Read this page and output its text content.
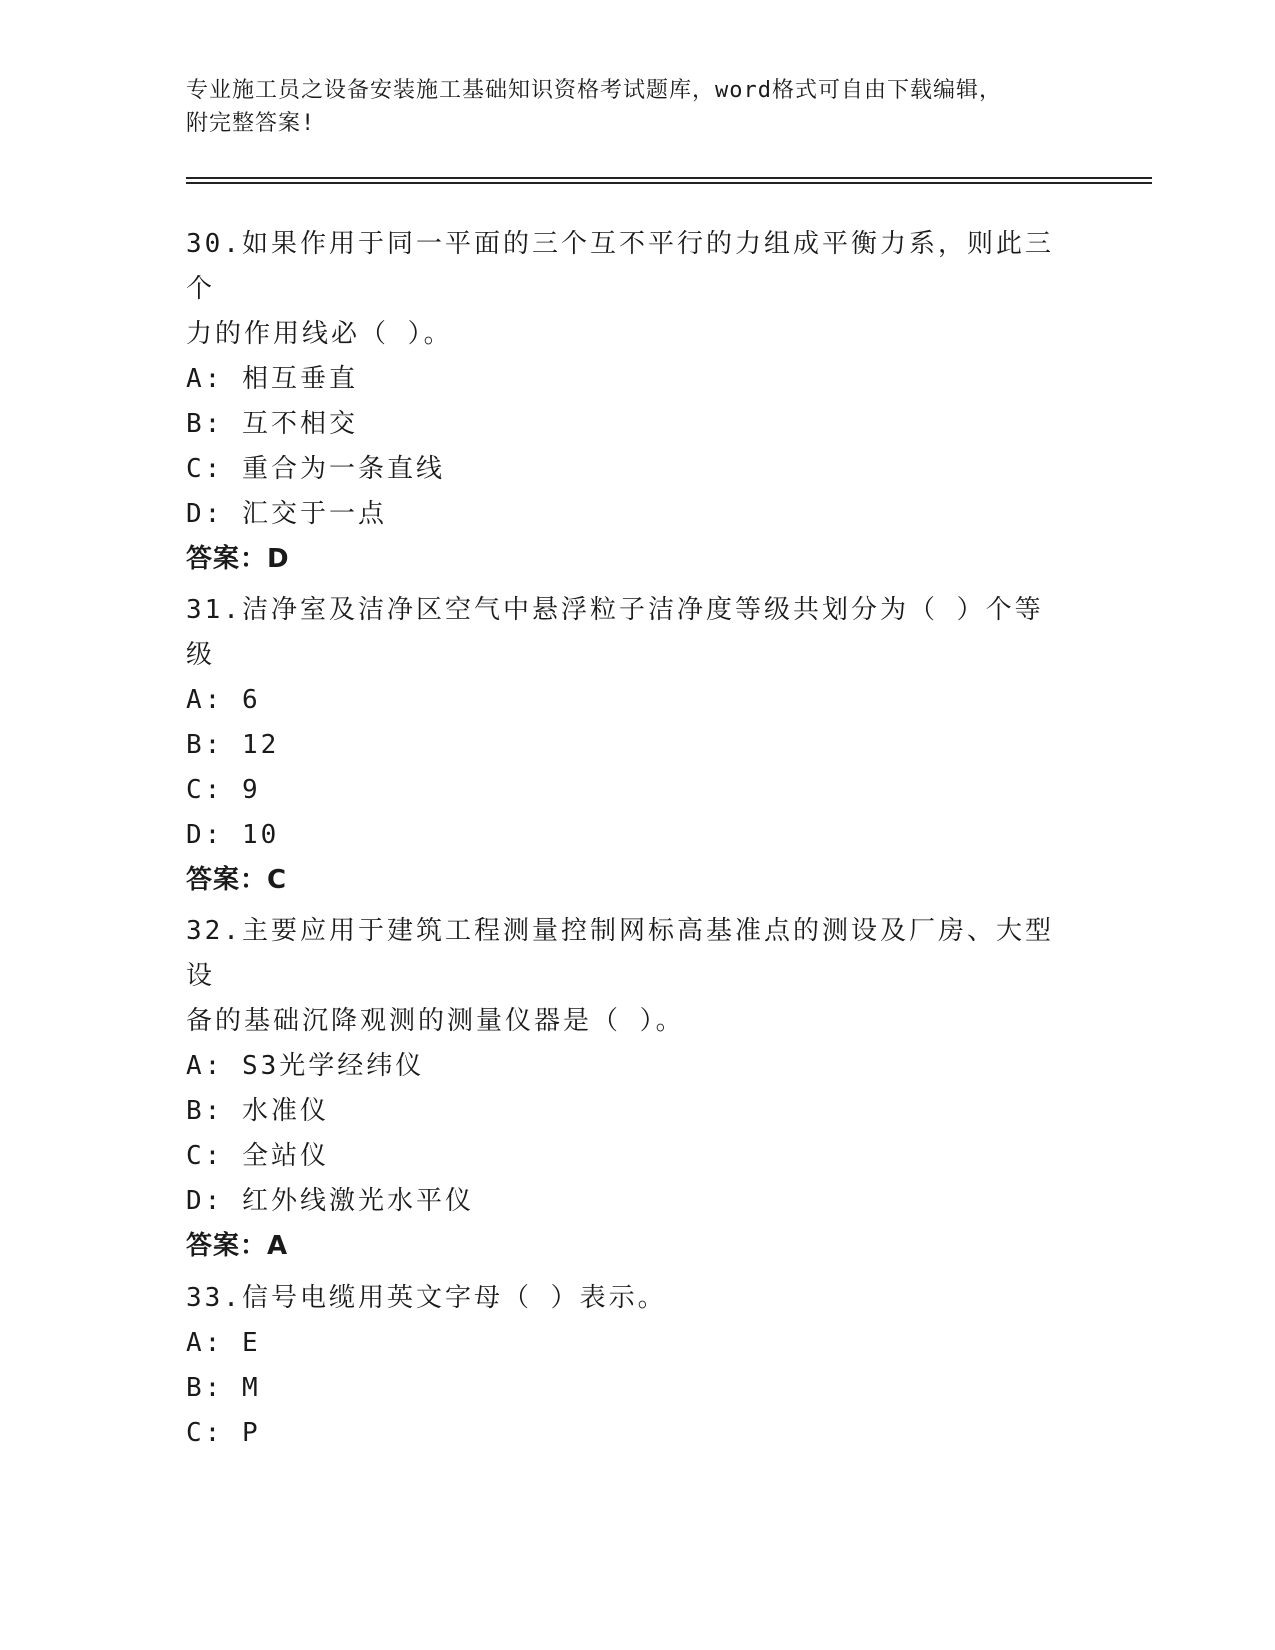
专业施工员之设备安装施工基础知识资格考试题库，word格式可自由下载编辑，
附完整答案!

30.如果作用于同一平面的三个互不平行的力组成平衡力系，则此三个

力的作用线必（ ）。

A: 相互垂直

B: 互不相交

C: 重合为一条直线

D: 汇交于一点

答案：D

31.洁净室及洁净区空气中悬浮粒子洁净度等级共划分为（ ）个等级

A: 6

B: 12

C: 9

D: 10

答案：C

32.主要应用于建筑工程测量控制网标高基准点的测设及厂房、大型设

备的基础沉降观测的测量仪器是（ ）。

A: S3光学经纬仪

B: 水准仪

C: 全站仪

D: 红外线激光水平仪

答案：A

33.信号电缆用英文字母（ ）表示。

A: E

B: M

C: P
